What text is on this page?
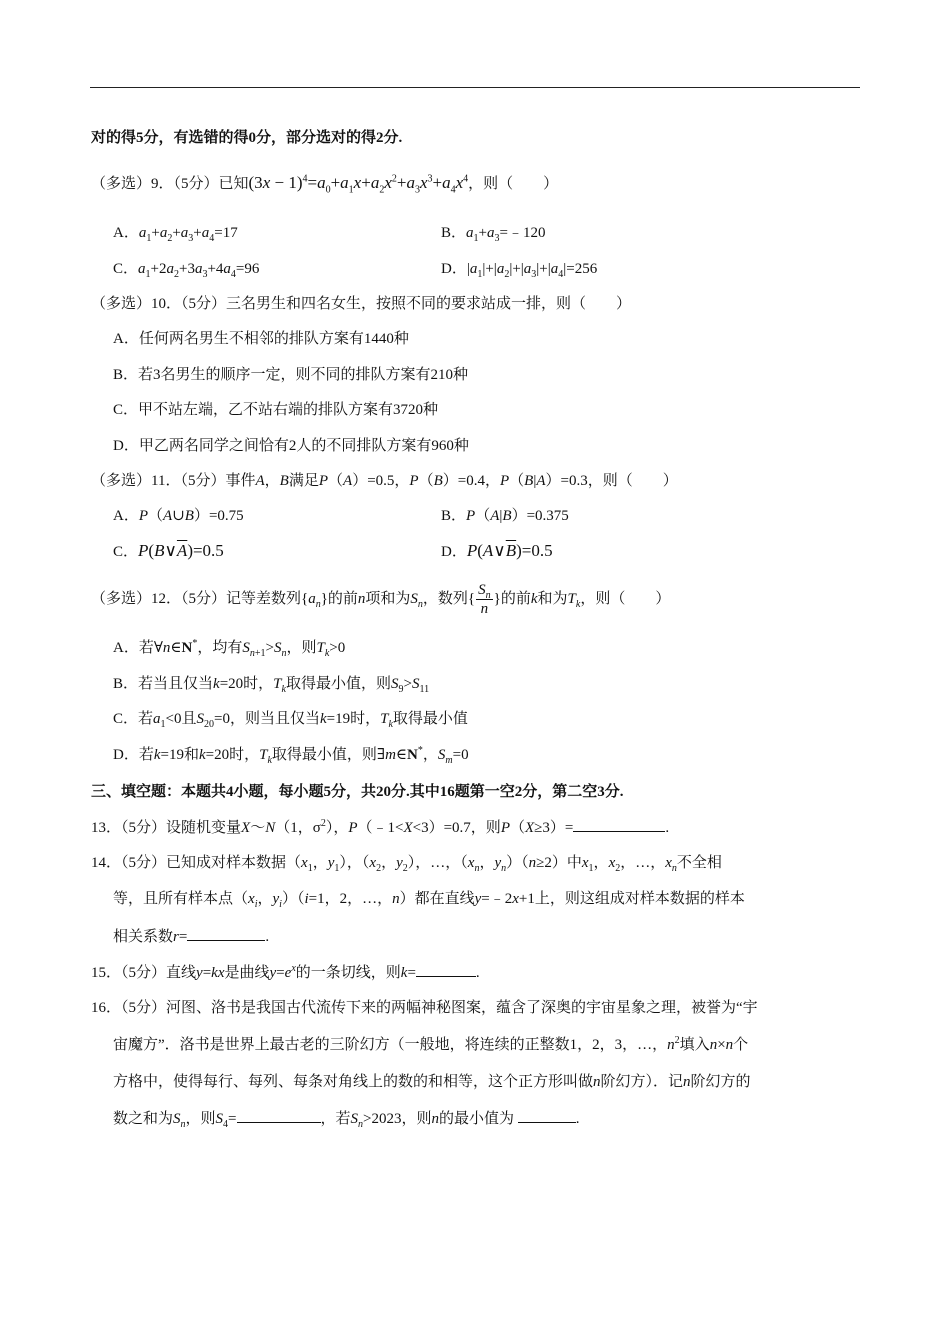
对的得5分，有选错的得0分，部分选对的得2分.
（多选）9．（5分）已知$(3x - 1)^4=a_0+a_1x+a_2x^2+a_3x^3+a_4x^4$，则（　　）
A．$a_1+a_2+a_3+a_4=17$	B．$a_1+a_3=﹣120$
C．$a_1+2a_2+3a_3+4a_4=96$	D．$|a_1|+|a_2|+|a_3|+|a_4|=256$
（多选）10．（5分）三名男生和四名女生，按照不同的要求站成一排，则（　　）
A．任何两名男生不相邻的排队方案有1440种
B．若3名男生的顺序一定，则不同的排队方案有210种
C．甲不站左端，乙不站右端的排队方案有3720种
D．甲乙两名同学之间恰有2人的不同排队方案有960种
（多选）11．（5分）事件A，B满足P（A）=0.5，P（B）=0.4，P（B|A）=0.3，则（　　）
A．P（A∪B）=0.75	B．P（A|B）=0.375
C．$P(B\vee\overline{A})=0.5$	D．$P(A\vee\overline{B})=0.5$
（多选）12．（5分）记等差数列$\{a_n\}$的前n项和为$S_n$，数列{ $\frac{S_n}{n}$ }的前k和为$T_k$，则（　　）
A．若∀n∈N*，均有$S_{n+1}>S_n$，则$T_k>0$
B．若当且仅当k=20时，$T_k$取得最小值，则$S_9>S_{11}$
C．若$a_1<0$且$S_{20}=0$，则当且仅当k=19时，$T_k$取得最小值
D．若k=19和k=20时，$T_k$取得最小值，则∃m∈N*，$S_m=0$
三、填空题：本题共4小题，每小题5分，共20分.其中16题第一空2分，第二空3分.
13．（5分）设随机变量X～N（1，$\sigma^2$），P（﹣1<X<3）=0.7，则P（X≥3）=	.
14．（5分）已知成对样本数据（$x_1$，$y_1$），（$x_2$，$y_2$），…，（$x_n$，$y_n)(n\ge 2)$中$x_1$，$x_2$，…，$x_n$不全相
等，且所有样本点（$x_i$，$y_i)(i=1$，2，…，n）都在直线y=﹣2x+1上，则这组成对样本数据的样本
相关系数r=	.
15．（5分）直线y=kx是曲线$y=e^x$的一条切线，则k=	.
16．（5分）河图、洛书是我国古代流传下来的两幅神秘图案，蕴含了深奥的宇宙星象之理，被誉为“宇
宙魔方”．洛书是世界上最古老的三阶幻方（一般地，将连续的正整数1，2，3，…，$n^2$填入n×n个
方格中，使得每行、每列、每条对角线上的数的和相等，这个正方形叫做n阶幻方）．记n阶幻方的
数之和为$S_n$，则$S_4=$	，若$S_n>2023$，则n的最小值为	.
